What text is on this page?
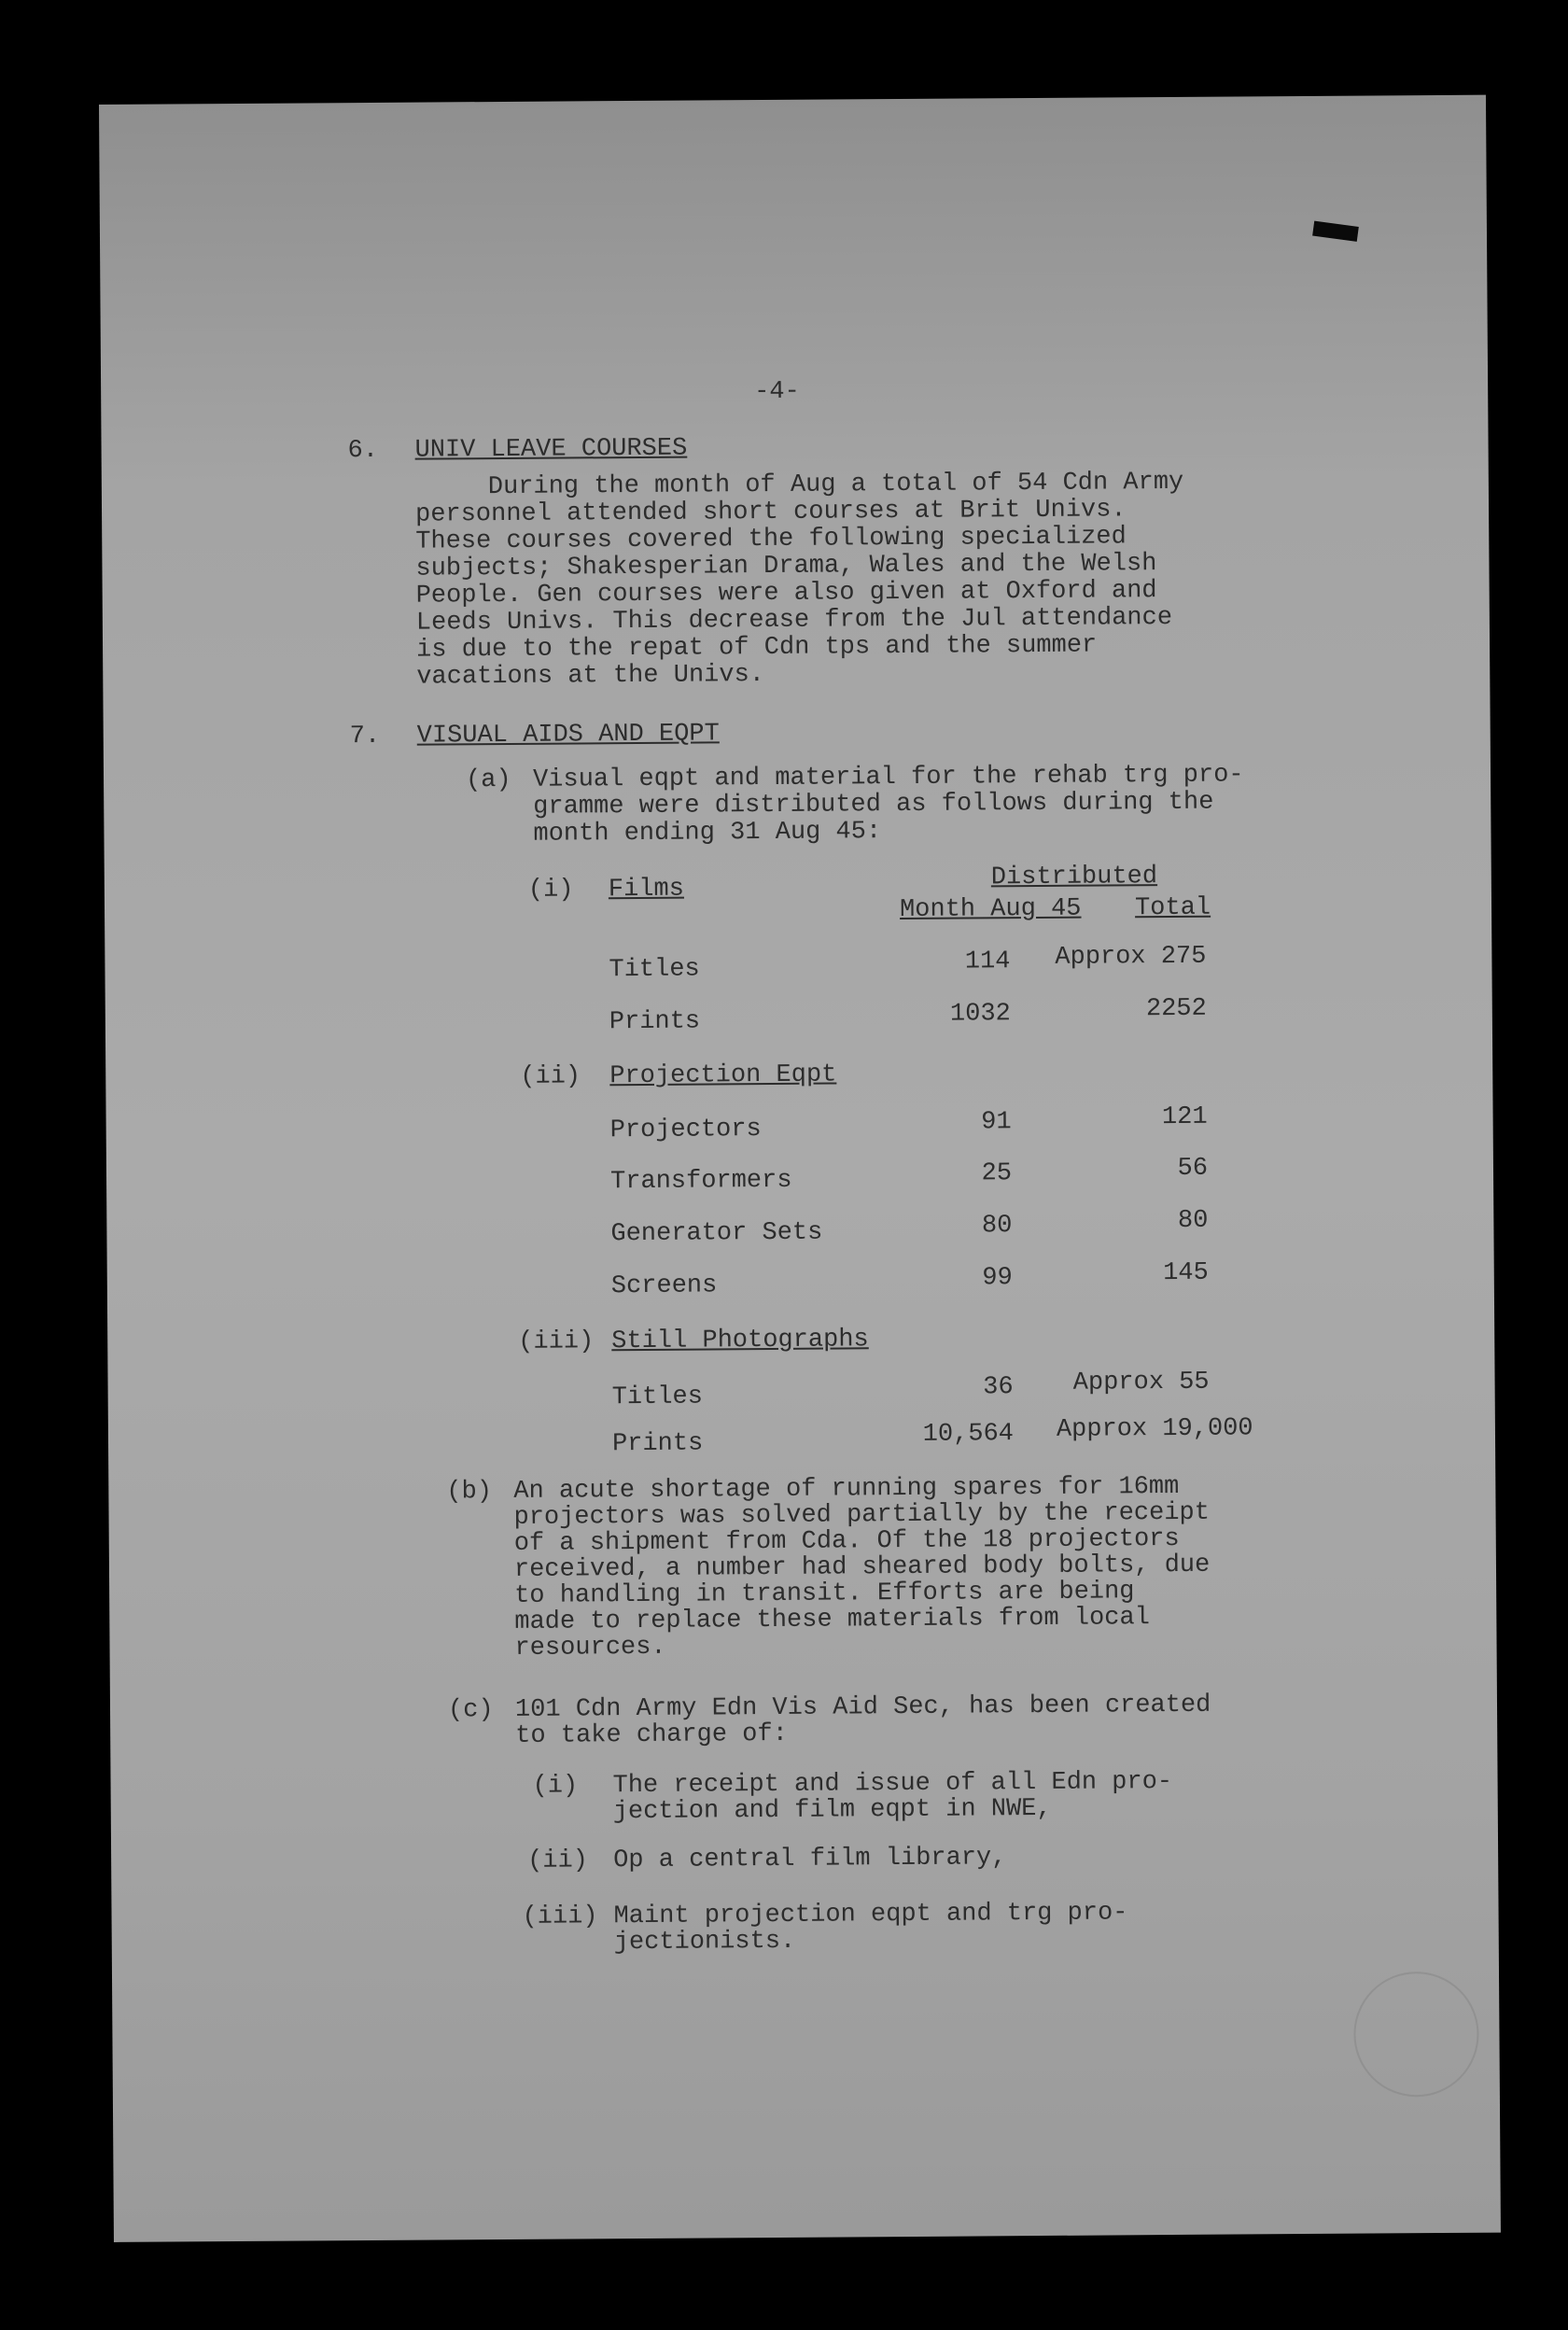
-4-
6. UNIV LEAVE COURSES
During the month of Aug a total of 54 Cdn Army
personnel attended short courses at Brit Univs.
These courses covered the following specialized
subjects; Shakesperian Drama, Wales and the Welsh
People. Gen courses were also given at Oxford and
Leeds Univs. This decrease from the Jul attendance
is due to the repat of Cdn tps and the summer
vacations at the Univs.
7. VISUAL AIDS AND EQPT
(a) Visual eqpt and material for the rehab trg pro-
gramme were distributed as follows during the
month ending 31 Aug 45:
Distributed
Month Aug 45 Total
(i) Films
Titles	114	Approx 275
Prints	1032	2252
(ii) Projection Eqpt
Projectors	91	121
Transformers	25	56
Generator Sets	80	80
Screens	99	145
(iii) Still Photographs
Titles	36	Approx 55
Prints	10,564 Approx 19,000
(b) An acute shortage of running spares for 16mm
projectors was solved partially by the receipt
of a shipment from Cda. Of the 18 projectors
received, a number had sheared body bolts, due
to handling in transit. Efforts are being
made to replace these materials from local
resources.
(c) 101 Cdn Army Edn Vis Aid Sec, has been created
to take charge of:
(i) The receipt and issue of all Edn pro-
jection and film eqpt in NWE,
(ii) Op a central film library,
(iii) Maint projection eqpt and trg pro-
jectionists.
